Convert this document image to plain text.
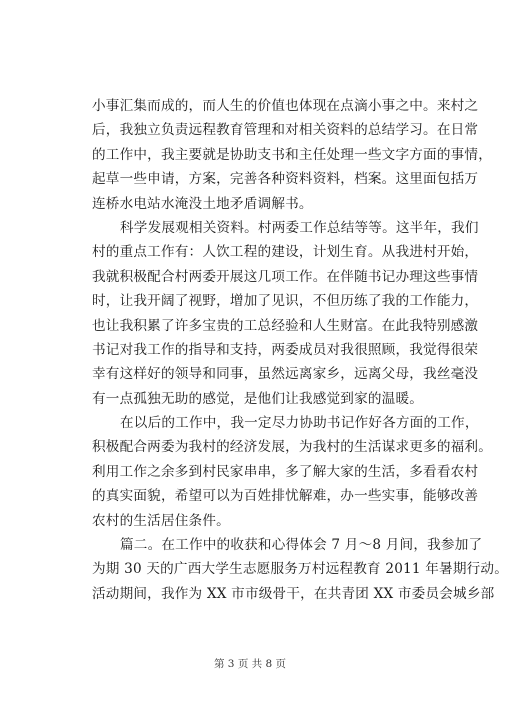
小事汇集而成的，而人生的价值也体现在点滴小事之中。来村之
后，我独立负责远程教育管理和对相关资料的总结学习。在日常
的工作中，我主要就是协助支书和主任处理一些文字方面的事情，
起草一些申请，方案，完善各种资料资料，档案。这里面包括万
连桥水电站水淹没土地矛盾调解书。
科学发展观相关资料。村两委工作总结等等。这半年，我们
村的重点工作有：人饮工程的建设，计划生育。从我进村开始，
我就积极配合村两委开展这几项工作。在伴随书记办理这些事情
时，让我开阔了视野，增加了见识，不但历练了我的工作能力，
也让我积累了许多宝贵的工总经验和人生财富。在此我特别感激
书记对我工作的指导和支持，两委成员对我很照顾，我觉得很荣
幸有这样好的领导和同事，虽然远离家乡，远离父母，我丝毫没
有一点孤独无助的感觉，是他们让我感觉到家的温暖。
在以后的工作中，我一定尽力协助书记作好各方面的工作，
积极配合两委为我村的经济发展，为我村的生活谋求更多的福利。
利用工作之余多到村民家串串，多了解大家的生活，多看看农村
的真实面貌，希望可以为百姓排忧解难，办一些实事，能够改善
农村的生活居住条件。
篇二。在工作中的收获和心得体会 7 月～8 月间，我参加了
为期 30 天的广西大学生志愿服务万村远程教育 2011 年暑期行动。
活动期间，我作为 XX 市市级骨干，在共青团 XX 市委员会城乡部
第 3 页 共 8 页
